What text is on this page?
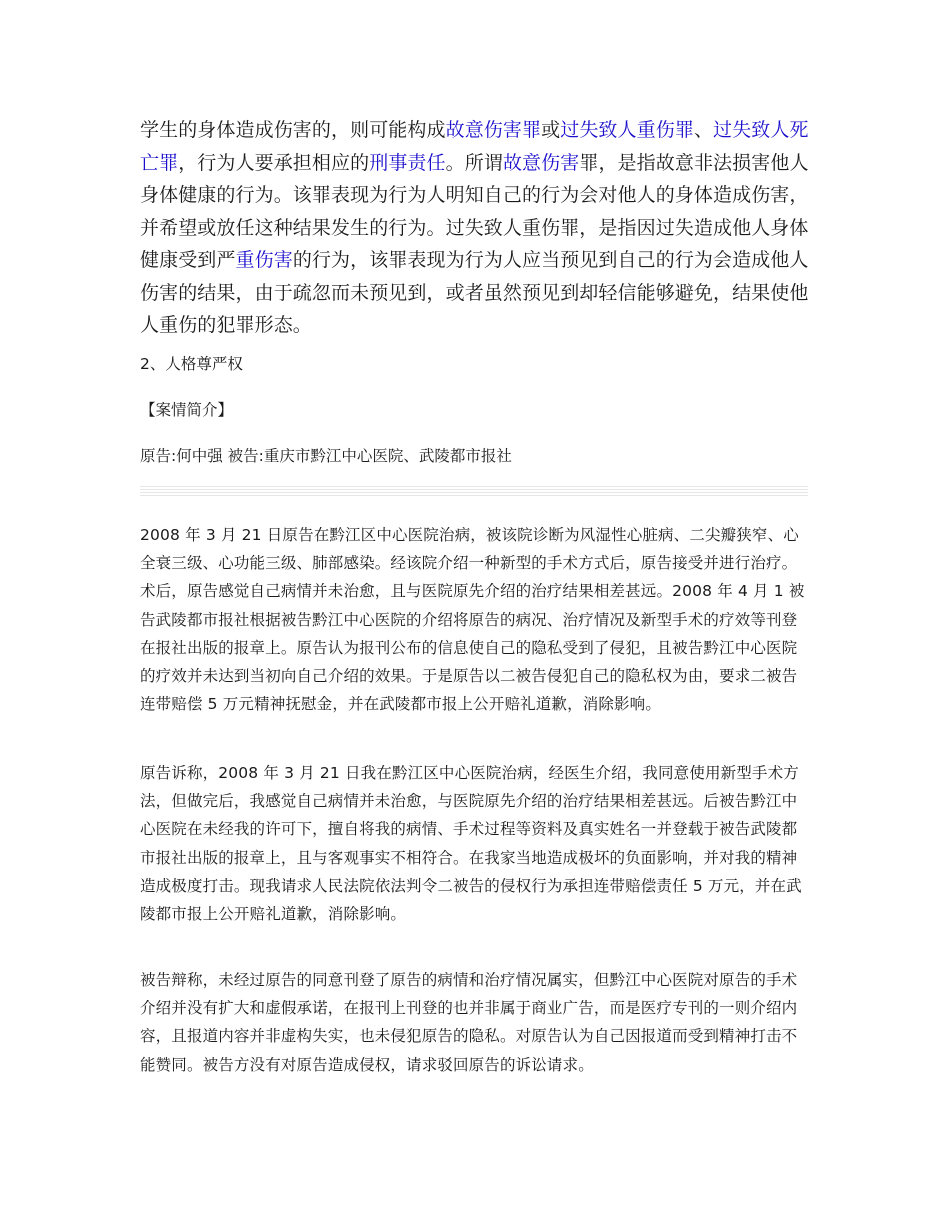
学生的身体造成伤害的，则可能构成故意伤害罪或过失致人重伤罪、过失致人死亡罪，行为人要承担相应的刑事责任。所谓故意伤害罪，是指故意非法损害他人身体健康的行为。该罪表现为行为人明知自己的行为会对他人的身体造成伤害，并希望或放任这种结果发生的行为。过失致人重伤罪，是指因过失造成他人身体健康受到严重伤害的行为，该罪表现为行为人应当预见到自己的行为会造成他人伤害的结果，由于疏忽而未预见到，或者虽然预见到却轻信能够避免，结果使他人重伤的犯罪形态。

2、人格尊严权

【案情简介】

原告:何中强 被告:重庆市黔江中心医院、武陵都市报社

2008 年 3 月 21 日原告在黔江区中心医院治病，被该院诊断为风湿性心脏病、二尖瓣狭窄、心全衰三级、心功能三级、肺部感染。经该院介绍一种新型的手术方式后，原告接受并进行治疗。术后，原告感觉自己病情并未治愈，且与医院原先介绍的治疗结果相差甚远。2008 年 4 月 1 被告武陵都市报社根据被告黔江中心医院的介绍将原告的病况、治疗情况及新型手术的疗效等刊登在报社出版的报章上。原告认为报刊公布的信息使自己的隐私受到了侵犯，且被告黔江中心医院的疗效并未达到当初向自己介绍的效果。于是原告以二被告侵犯自己的隐私权为由，要求二被告连带赔偿 5 万元精神抚慰金，并在武陵都市报上公开赔礼道歉，消除影响。

原告诉称，2008 年 3 月 21 日我在黔江区中心医院治病，经医生介绍，我同意使用新型手术方法，但做完后，我感觉自己病情并未治愈，与医院原先介绍的治疗结果相差甚远。后被告黔江中心医院在未经我的许可下，擅自将我的病情、手术过程等资料及真实姓名一并登载于被告武陵都市报社出版的报章上，且与客观事实不相符合。在我家当地造成极坏的负面影响，并对我的精神造成极度打击。现我请求人民法院依法判令二被告的侵权行为承担连带赔偿责任 5 万元，并在武陵都市报上公开赔礼道歉，消除影响。

被告辩称，未经过原告的同意刊登了原告的病情和治疗情况属实，但黔江中心医院对原告的手术介绍并没有扩大和虚假承诺，在报刊上刊登的也并非属于商业广告，而是医疗专刊的一则介绍内容，且报道内容并非虚构失实，也未侵犯原告的隐私。对原告认为自己因报道而受到精神打击不能赞同。被告方没有对原告造成侵权，请求驳回原告的诉讼请求。
